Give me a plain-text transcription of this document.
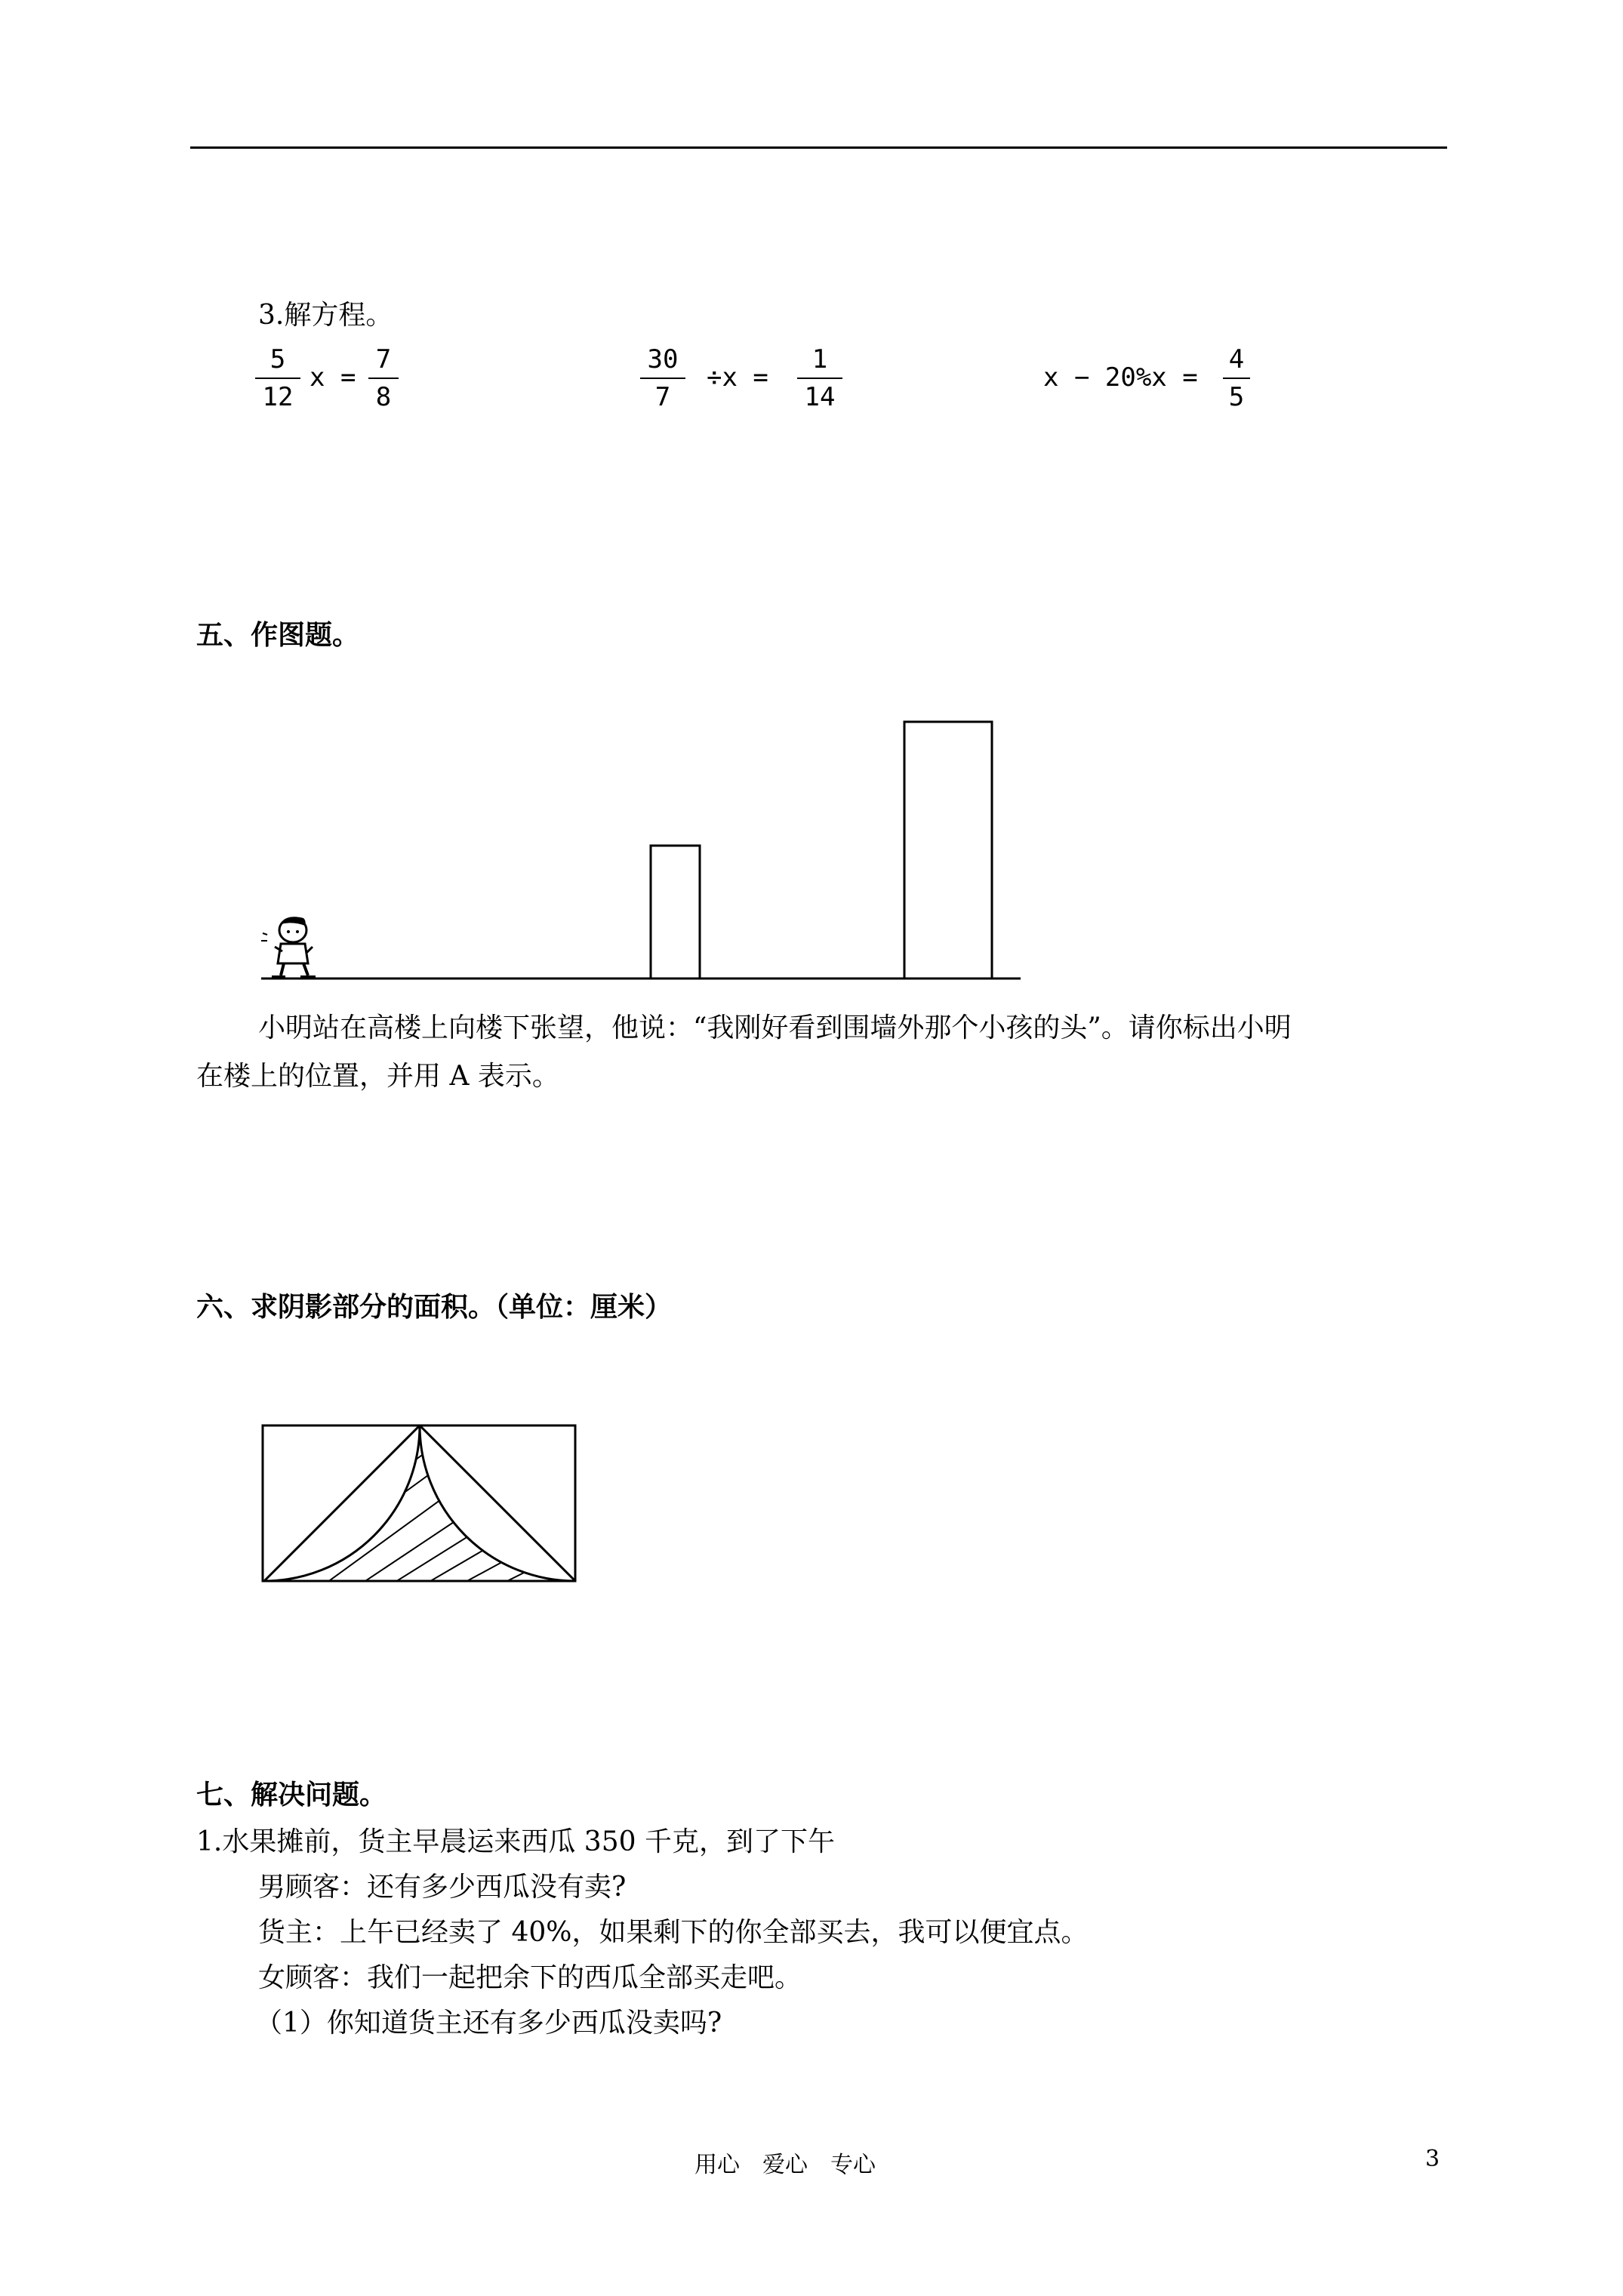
3.解方程。
5
12
x =
7
8
30
7
÷x =
1
14
x − 20%x =
4
5
五、作图题。
小明站在高楼上向楼下张望，他说：“我刚好看到围墙外那个小孩的头”。请你标出小明
在楼上的位置，并用 A 表示。
六、求阴影部分的面积。（单位：厘米）
七、解决问题。
1.水果摊前，货主早晨运来西瓜 350 千克，到了下午
男顾客：还有多少西瓜没有卖?
货主：上午已经卖了 40%，如果剩下的你全部买去，我可以便宜点。
女顾客：我们一起把余下的西瓜全部买走吧。
（1）你知道货主还有多少西瓜没卖吗?
用心　爱心　专心	3
